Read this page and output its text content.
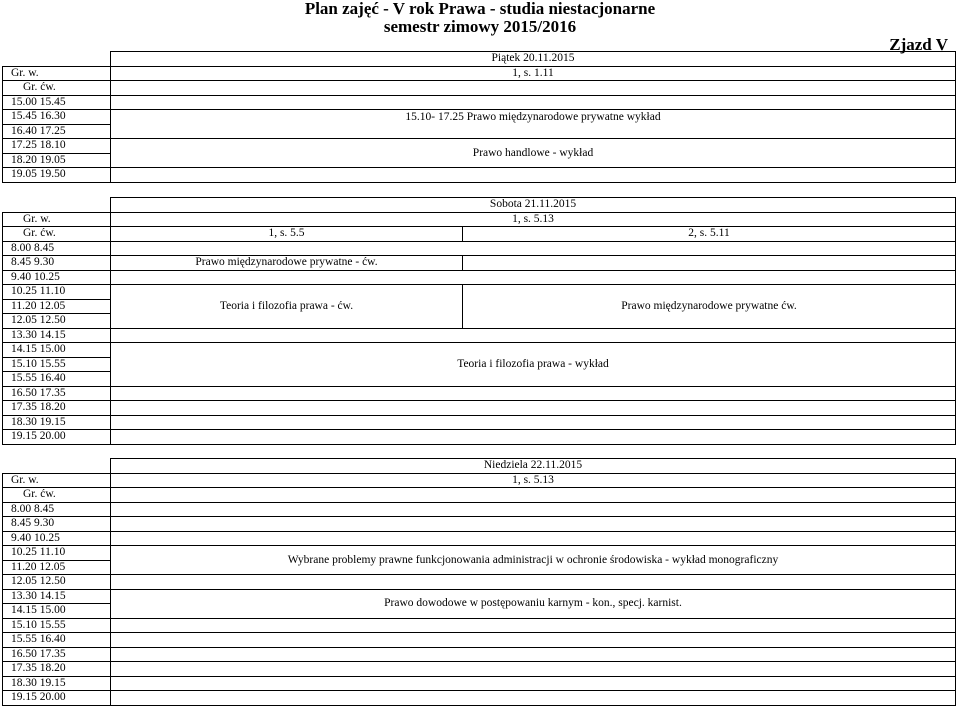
Plan zajęć - V rok Prawa - studia niestacjonarne
semestr zimowy 2015/2016
Zjazd V
	Piątek 20.11.2015
Gr. w.	1, s. 1.11
Gr. ćw.	
15.00 15.45	
15.45 16.30	15.10- 17.25 Prawo międzynarodowe prywatne wykład
16.40 17.25	
17.25 18.10	Prawo handlowe - wykład
18.20 19.05	
19.05 19.50	
	Sobota 21.11.2015	
Gr. w.	1, s. 5.13	
Gr. ćw.	1, s. 5.5	2, s. 5.11
8.00 8.45		
8.45 9.30	Prawo międzynarodowe prywatne - ćw.	
9.40 10.25		
10.25 11.10		
11.20 12.05	Teoria i filozofia prawa - ćw.	Prawo międzynarodowe prywatne ćw.
12.05 12.50		
13.30 14.15		
14.15 15.00		
15.10 15.55	Teoria i filozofia prawa - wykład	
15.55 16.40		
16.50 17.35		
17.35 18.20		
18.30 19.15		
19.15 20.00		
	Niedziela 22.11.2015
Gr. w.	1, s. 5.13
Gr. ćw.	
8.00 8.45	
8.45 9.30	
9.40 10.25	
10.25 11.10	Wybrane problemy prawne funkcjonowania administracji w ochronie środowiska - wykład monograficzny
11.20 12.05	
12.05 12.50	
13.30 14.15	Prawo dowodowe w postępowaniu karnym - kon., specj. karnist.
14.15 15.00	
15.10 15.55	
15.55 16.40	
16.50 17.35	
17.35 18.20	
18.30 19.15	
19.15 20.00	
